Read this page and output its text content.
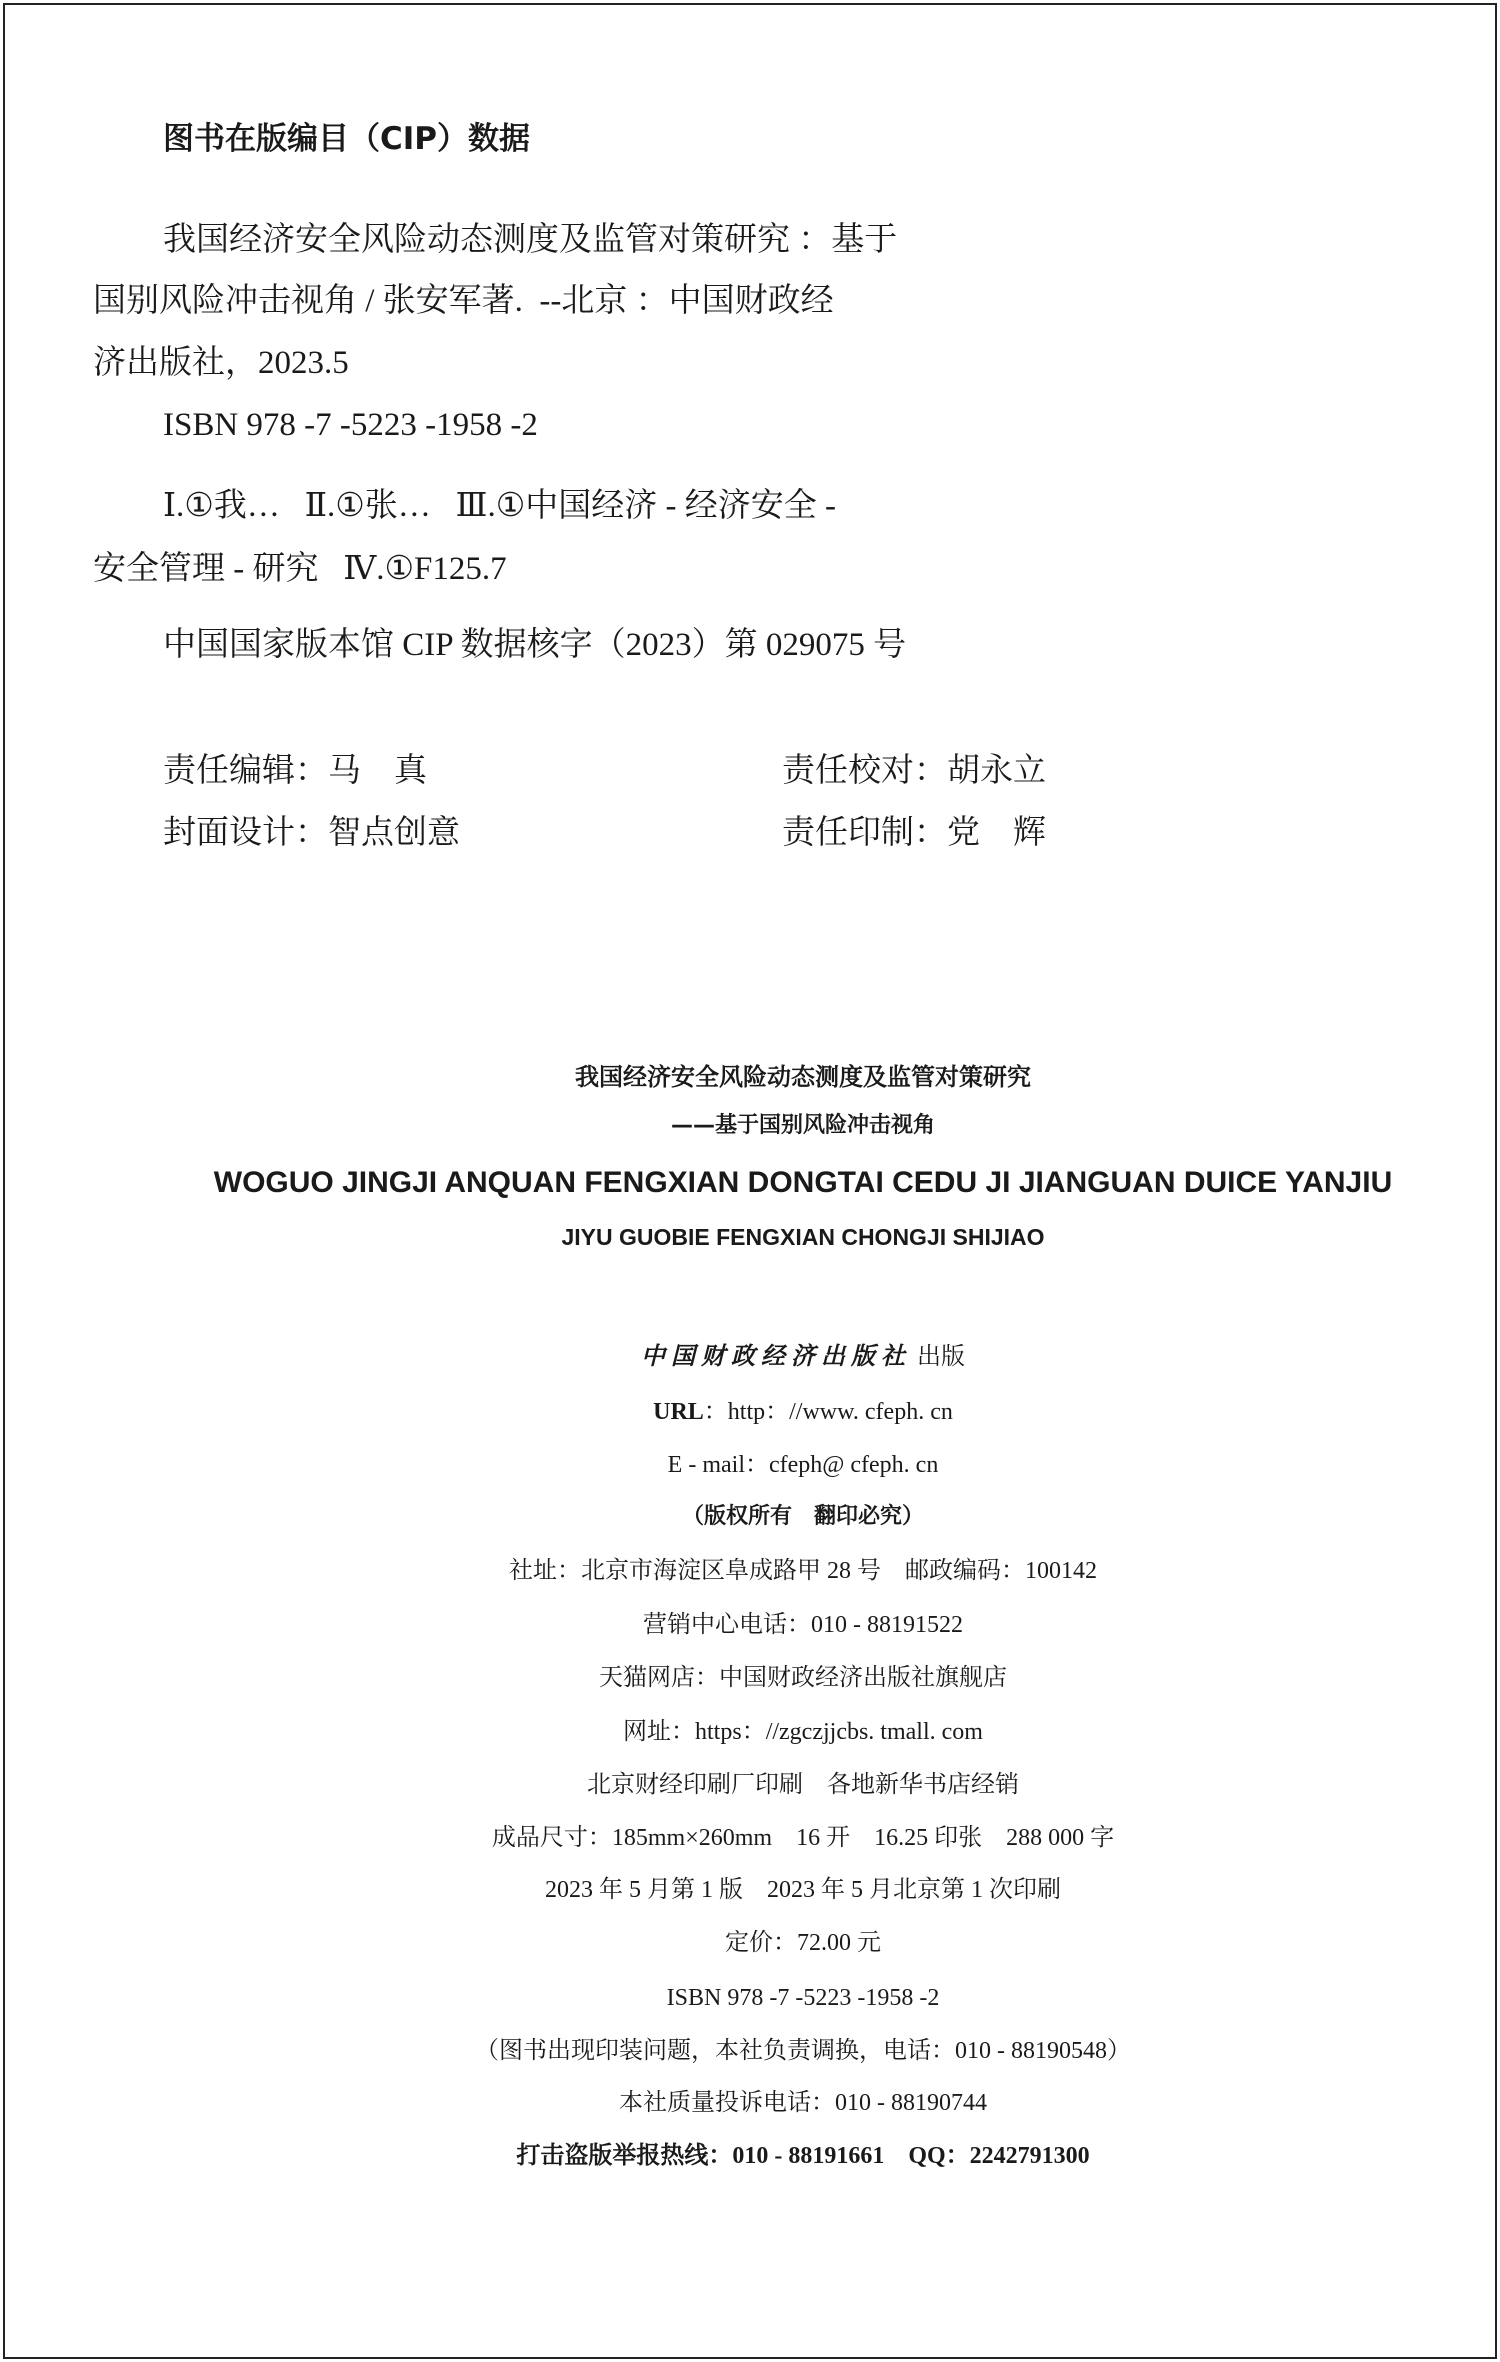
图书在版编目（CIP）数据
我国经济安全风险动态测度及监管对策研究 ：基于
国别风险冲击视角 / 张安军著.  --北京 ：中国财政经
济出版社，2023.5
ISBN 978 -7 -5223 -1958 -2
Ⅰ.①我…   Ⅱ.①张…   Ⅲ.①中国经济 - 经济安全 -
安全管理 - 研究   Ⅳ.①F125.7
中国国家版本馆 CIP 数据核字（2023）第 029075 号
责任编辑：马　真	责任校对：胡永立
封面设计：智点创意	责任印制：党　辉
我国经济安全风险动态测度及监管对策研究
——基于国别风险冲击视角
WOGUO JINGJI ANQUAN FENGXIAN DONGTAI CEDU JI JIANGUAN DUICE YANJIU
JIYU GUOBIE FENGXIAN CHONGJI SHIJIAO
中国财政经济出版社 出版
URL：http：//www. cfeph. cn
E - mail：cfeph@ cfeph. cn
（版权所有　翻印必究）
社址：北京市海淀区阜成路甲 28 号　邮政编码：100142
营销中心电话：010 - 88191522
天猫网店：中国财政经济出版社旗舰店
网址：https：//zgczjjcbs. tmall. com
北京财经印刷厂印刷　各地新华书店经销
成品尺寸：185mm×260mm　16 开　16.25 印张　288 000 字
2023 年 5 月第 1 版　2023 年 5 月北京第 1 次印刷
定价：72.00 元
ISBN 978 -7 -5223 -1958 -2
（图书出现印装问题，本社负责调换，电话：010 - 88190548）
本社质量投诉电话：010 - 88190744
打击盗版举报热线：010 - 88191661　QQ：2242791300
